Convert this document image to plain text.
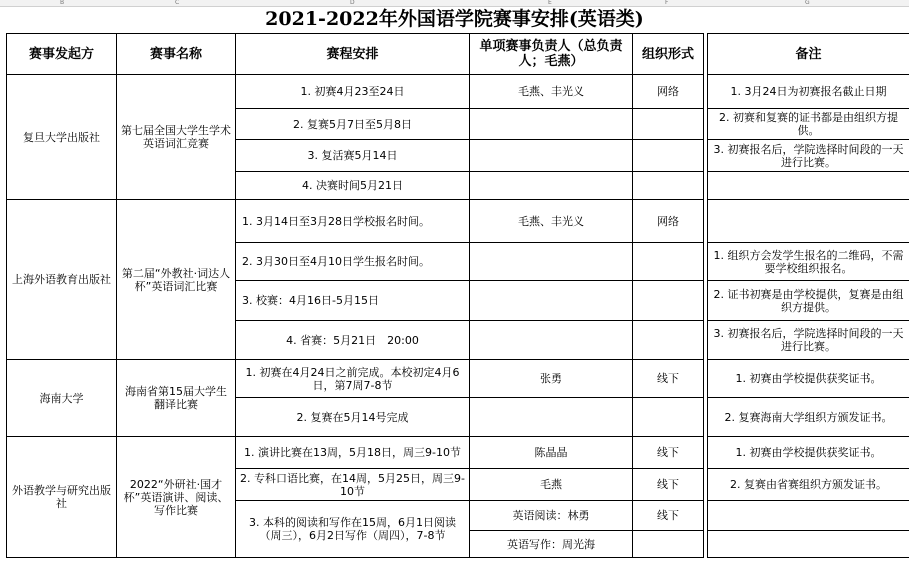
B	C	D	E	F	G
2021-2022年外国语学院赛事安排(英语类)
赛事发起方	赛事名称	赛程安排	单项赛事负责人（总负责人；毛燕）	组织形式		备注
复旦大学出版社	第七届全国大学生学术英语词汇竞赛	1. 初赛4月23至24日	毛燕、丰光义	网络		1. 3月24日为初赛报名截止日期
		2. 复赛5月7日至5月8日				2. 初赛和复赛的证书都是由组织方提供。
		3. 复活赛5月14日				3. 初赛报名后，学院选择时间段的一天进行比赛。
		4. 决赛时间5月21日				
上海外语教育出版社	第二届“外教社·词达人杯”英语词汇比赛	1. 3月14日至3月28日学校报名时间。	毛燕、丰光义	网络		
		2. 3月30日至4月10日学生报名时间。				1. 组织方会发学生报名的二维码，不需要学校组织报名。
		3. 校赛：4月16日-5月15日				2. 证书初赛是由学校提供，复赛是由组织方提供。
		4. 省赛：5月21日　20:00				3. 初赛报名后，学院选择时间段的一天进行比赛。
海南大学	海南省第15届大学生翻译比赛	1. 初赛在4月24日之前完成。本校初定4月6日，第7周7-8节	张勇	线下		1. 初赛由学校提供获奖证书。
		2. 复赛在5月14号完成				2. 复赛海南大学组织方颁发证书。
外语教学与研究出版社	2022“外研社·国才杯”英语演讲、阅读、写作比赛	1. 演讲比赛在13周，5月18日，周三9-10节	陈晶晶	线下		1. 初赛由学校提供获奖证书。
		2. 专科口语比赛，在14周，5月25日，周三9-10节	毛燕	线下		2. 复赛由省赛组织方颁发证书。
		3. 本科的阅读和写作在15周，6月1日阅读（周三），6月2日写作（周四），7-8节	英语阅读：林勇	线下		
			英语写作：周光海			
